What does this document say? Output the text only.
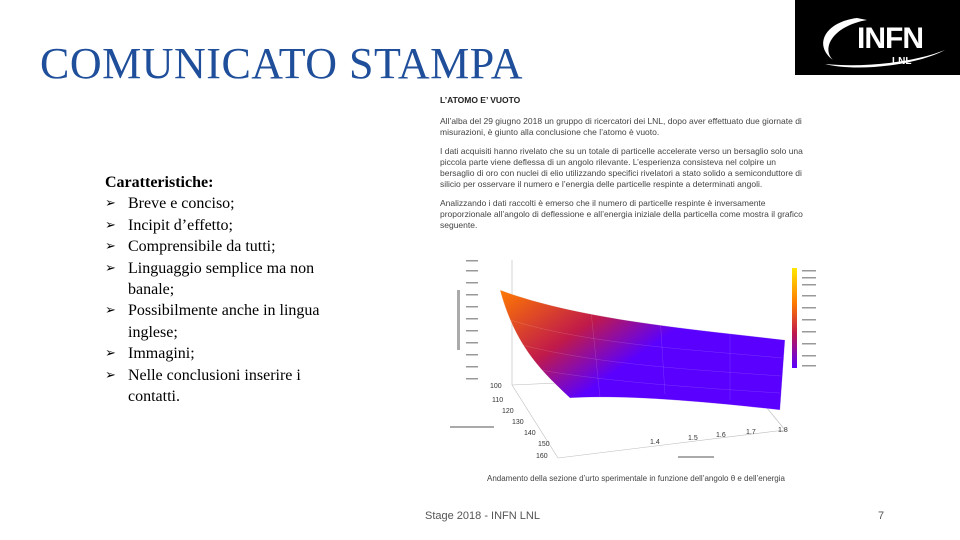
COMUNICATO STAMPA
INFN
LNL
Caratteristiche:
➢ Breve e conciso;
➢ Incipit d’effetto;
➢ Comprensibile da tutti;
➢ Linguaggio semplice ma non banale;
➢ Possibilmente anche in lingua inglese;
➢ Immagini;
➢ Nelle conclusioni inserire i contatti.
L’ATOMO E’ VUOTO

All’alba del 29 giugno 2018 un gruppo di ricercatori dei LNL, dopo aver effettuato due giornate di misurazioni, è giunto alla conclusione che l’atomo è vuoto.

I dati acquisiti hanno rivelato che su un totale di particelle accelerate verso un bersaglio solo una piccola parte viene deflessa di un angolo rilevante. L’esperienza consisteva nel colpire un bersaglio di oro con nuclei di elio utilizzando specifici rivelatori a stato solido a semiconduttore di silicio per osservare il numero e l’energia delle particelle respinte a determinati angoli.

Analizzando i dati raccolti è emerso che il numero di particelle respinte è inversamente proporzionale all’angolo di deflessione e all’energia iniziale della particella come mostra il grafico seguente.

100
110
120
130
140
150
160
1.4
1.5	1.6	1.7	1.8
Andamento della sezione d’urto sperimentale in funzione dell’angolo θ e dell’energia
Stage 2018 - INFN LNL	7
